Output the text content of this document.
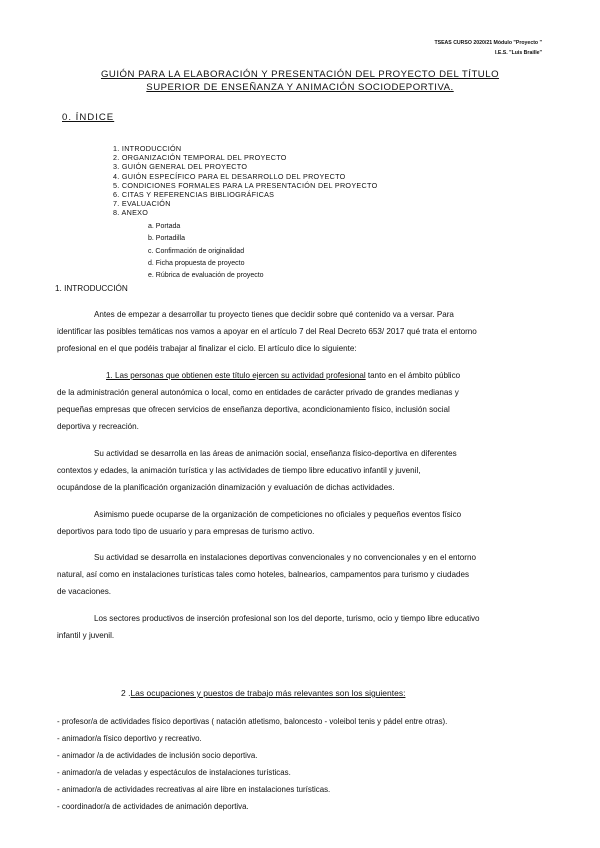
TSEAS CURSO 2020/21 Módulo "Proyecto "
I.E.S. "Luis Braille"
GUIÓN PARA LA ELABORACIÓN Y PRESENTACIÓN DEL PROYECTO DEL TÍTULO
SUPERIOR DE ENSEÑANZA Y ANIMACIÓN SOCIODEPORTIVA.
0. ÍNDICE
1. INTRODUCCIÓN
2. ORGANIZACIÓN TEMPORAL DEL PROYECTO
3. GUIÓN GENERAL DEL PROYECTO
4. GUIÓN ESPECÍFICO PARA EL DESARROLLO DEL PROYECTO
5. CONDICIONES FORMALES PARA LA PRESENTACIÓN DEL PROYECTO
6. CITAS Y REFERENCIAS BIBLIOGRÁFICAS
7. EVALUACIÓN
8. ANEXO
a. Portada
b. Portadilla
c. Confirmación de originalidad
d. Ficha propuesta de proyecto
e. Rúbrica de evaluación de proyecto
1. INTRODUCCIÓN
Antes de empezar a desarrollar tu proyecto tienes que decidir sobre qué contenido va a versar. Para
identificar las posibles temáticas nos vamos a apoyar en el artículo 7 del Real Decreto 653/ 2017 qué trata el entorno
profesional en el que podéis trabajar al finalizar el ciclo. El artículo dice lo siguiente:
1. Las personas que obtienen este título ejercen su actividad profesional tanto en el ámbito público
de la administración general autonómica o local, como en entidades de carácter privado de grandes medianas y
pequeñas empresas que ofrecen servicios de enseñanza deportiva, acondicionamiento físico, inclusión social
deportiva y recreación.
Su actividad se desarrolla en las áreas de animación social, enseñanza físico-deportiva en diferentes
contextos y edades, la animación turística y las actividades de tiempo libre educativo infantil y juvenil,
ocupándose de la planificación organización dinamización y evaluación de dichas actividades.
Asimismo puede ocuparse de la organización de competiciones no oficiales y pequeños eventos físico
deportivos para todo tipo de usuario y para empresas de turismo activo.
Su actividad se desarrolla en instalaciones deportivas convencionales y no convencionales y en el entorno
natural, así como en instalaciones turísticas tales como hoteles, balnearios, campamentos para turismo y ciudades
de vacaciones.
Los sectores productivos de inserción profesional son los del deporte, turismo, ocio y tiempo libre educativo
infantil y juvenil.
2 .Las ocupaciones y puestos de trabajo más relevantes son los siguientes:
- profesor/a de actividades físico deportivas ( natación atletismo, baloncesto - voleibol tenis y pádel entre otras).
- animador/a físico deportivo y recreativo.
- animador /a de actividades de inclusión socio deportiva.
- animador/a de veladas y espectáculos de instalaciones turísticas.
- animador/a de actividades recreativas al aire libre en instalaciones turísticas.
- coordinador/a de actividades de animación deportiva.
